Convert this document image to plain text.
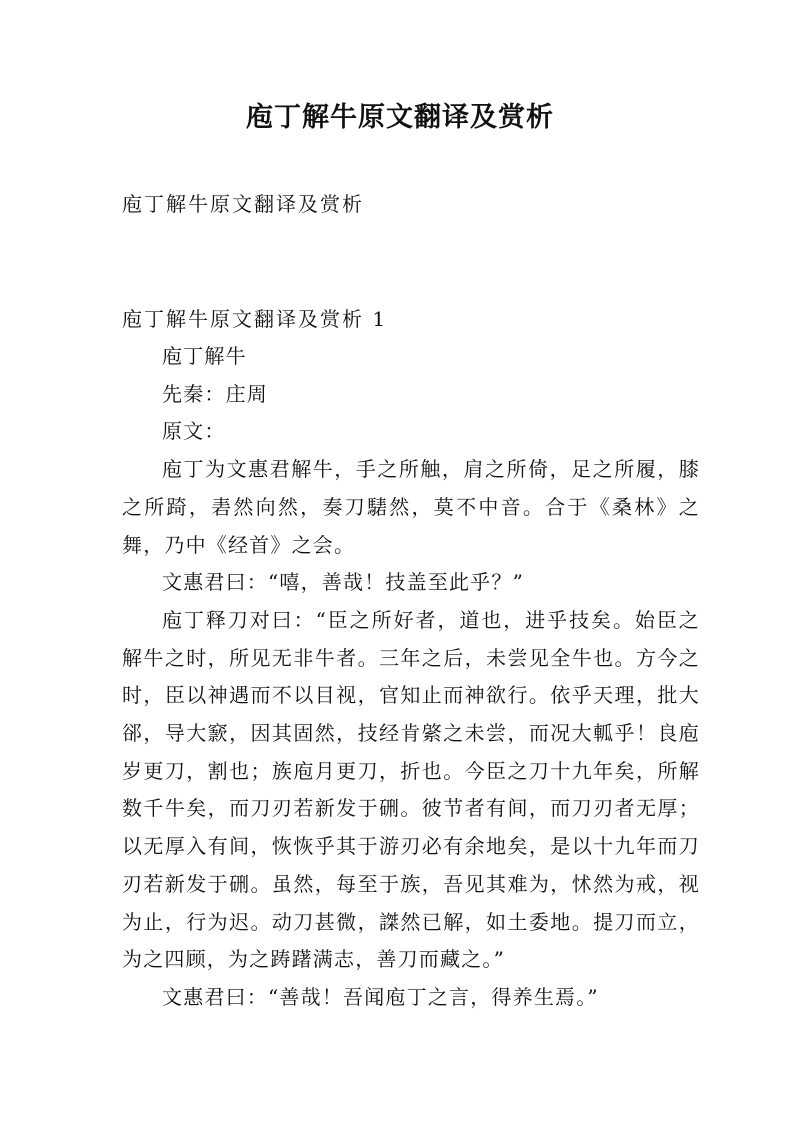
庖丁解牛原文翻译及赏析
庖丁解牛原文翻译及赏析
庖丁解牛原文翻译及赏析 1

庖丁解牛

先秦：庄周

原文：

庖丁为文惠君解牛，手之所触，肩之所倚，足之所履，膝之所踦，砉然向然，奏刀騞然，莫不中音。合于《桑林》之舞，乃中《经首》之会。

文惠君曰：“嘻，善哉！技盖至此乎？”

庖丁释刀对曰：“臣之所好者，道也，进乎技矣。始臣之解牛之时，所见无非牛者。三年之后，未尝见全牛也。方今之时，臣以神遇而不以目视，官知止而神欲行。依乎天理，批大郤，导大窾，因其固然，技经肯綮之未尝，而况大軱乎！良庖岁更刀，割也；族庖月更刀，折也。今臣之刀十九年矣，所解数千牛矣，而刀刃若新发于硎。彼节者有间，而刀刃者无厚；以无厚入有间，恢恢乎其于游刃必有余地矣，是以十九年而刀刃若新发于硎。虽然，每至于族，吾见其难为，怵然为戒，视为止，行为迟。动刀甚微，謋然已解，如土委地。提刀而立，为之四顾，为之踌躇满志，善刀而藏之。”

文惠君曰：“善哉！吾闻庖丁之言，得养生焉。”
